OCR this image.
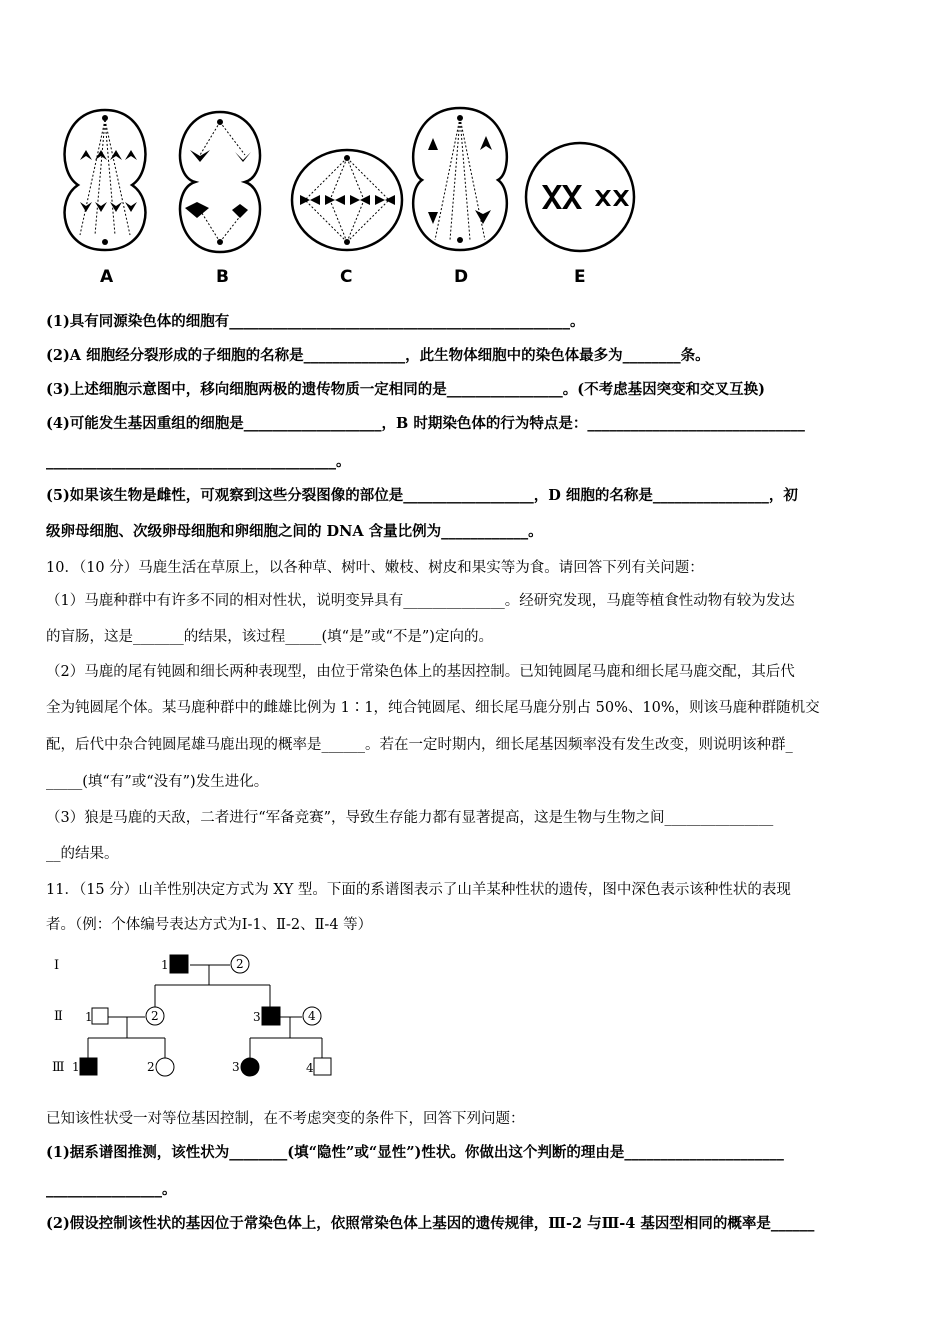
A	B	C	D	E
(1)具有同源染色体的细胞有_______________________________________________。
(2)A 细胞经分裂形成的子细胞的名称是______________，此生物体细胞中的染色体最多为________条。
(3)上述细胞示意图中，移向细胞两极的遗传物质一定相同的是________________。(不考虑基因突变和交叉互换)
(4)可能发生基因重组的细胞是___________________，B 时期染色体的行为特点是：______________________________
________________________________________。
(5)如果该生物是雌性，可观察到这些分裂图像的部位是__________________，D 细胞的名称是________________，初
级卵母细胞、次级卵母细胞和卵细胞之间的 DNA 含量比例为____________。
10．（10 分）马鹿生活在草原上，以各种草、树叶、嫩枝、树皮和果实等为食。请回答下列有关问题：
（1）马鹿种群中有许多不同的相对性状，说明变异具有______________。经研究发现，马鹿等植食性动物有较为发达
的盲肠，这是_______的结果，该过程_____(填“是”或“不是”)定向的。
（2）马鹿的尾有钝圆和细长两种表现型，由位于常染色体上的基因控制。已知钝圆尾马鹿和细长尾马鹿交配，其后代
全为钝圆尾个体。某马鹿种群中的雌雄比例为 1∶1，纯合钝圆尾、细长尾马鹿分别占 50%、10%，则该马鹿种群随机交
配，后代中杂合钝圆尾雄马鹿出现的概率是______。若在一定时期内，细长尾基因频率没有发生改变，则说明该种群_
_____(填“有”或“没有”)发生进化。
（3）狼是马鹿的天敌，二者进行“军备竞赛”，导致生存能力都有显著提高，这是生物与生物之间_______________
__的结果。
11．（15 分）山羊性别决定方式为 XY 型。下面的系谱图表示了山羊某种性状的遗传，图中深色表示该种性状的表现
者。（例：个体编号表达方式为Ⅰ-1、Ⅱ-2、Ⅱ-4 等）
Ⅰ
Ⅱ
Ⅲ
1	2
1	2	3	4
1	2	3	4
已知该性状受一对等位基因控制，在不考虑突变的条件下，回答下列问题：
(1)据系谱图推测，该性状为________(填“隐性”或“显性”)性状。你做出这个判断的理由是______________________
________________。
(2)假设控制该性状的基因位于常染色体上，依照常染色体上基因的遗传规律，Ⅲ-2 与Ⅲ-4 基因型相同的概率是______
